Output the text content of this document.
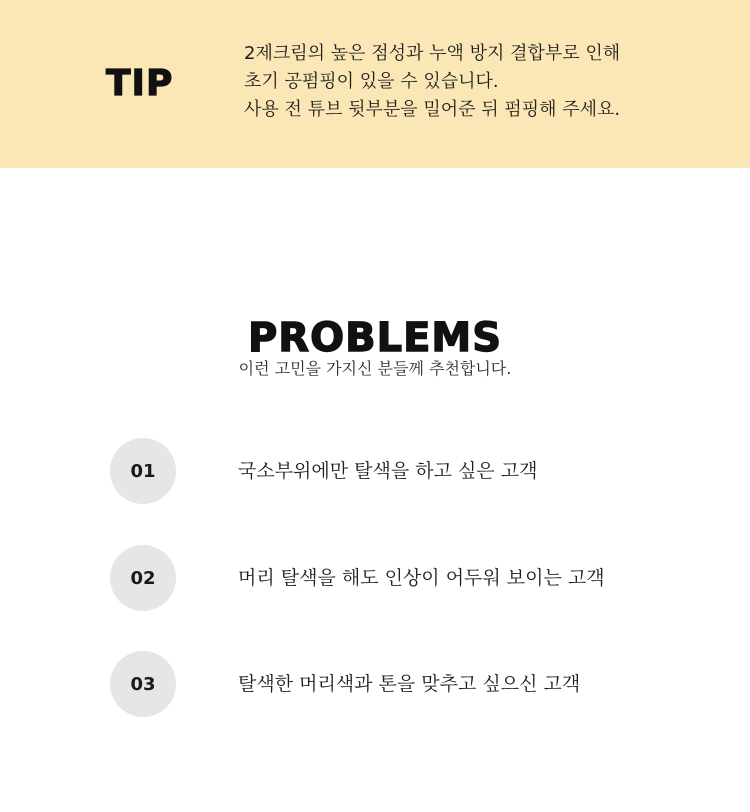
TIP
2제크림의 높은 점성과 누액 방지 결합부로 인해
초기 공펌핑이 있을 수 있습니다.
사용 전 튜브 뒷부분을 밀어준 뒤 펌핑해 주세요.
PROBLEMS

이런 고민을 가지신 분들께 추천합니다.

01	국소부위에만 탈색을 하고 싶은 고객
02	머리 탈색을 해도 인상이 어두워 보이는 고객
03	탈색한 머리색과 톤을 맞추고 싶으신 고객
